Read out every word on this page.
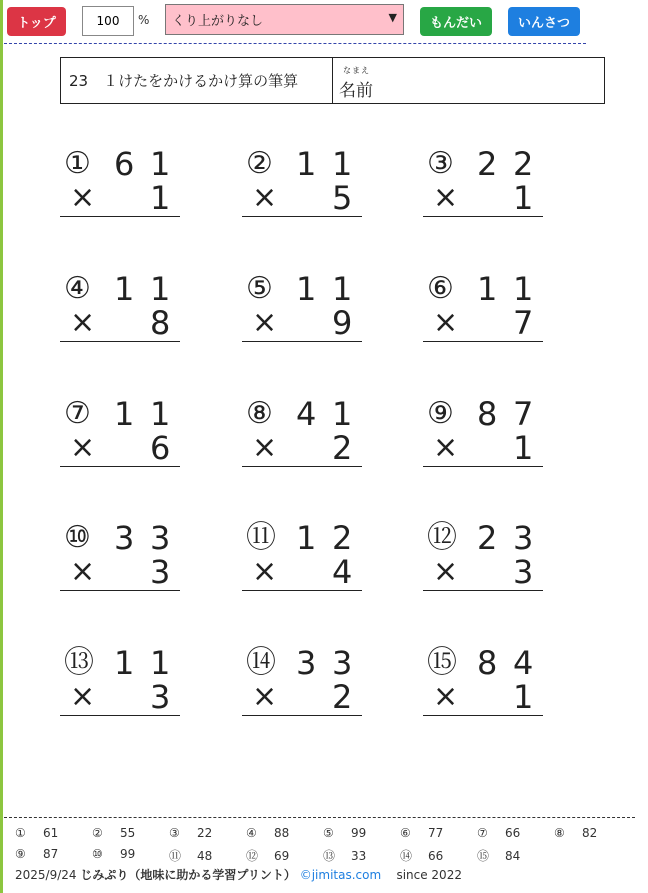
トップ
100	% くり上がりなし	▼	もんだい	いんさつ
23　１けたをかけるかけ算の筆算
なまえ
名前
① 6 1
× 1
② 1 1
× 5
③ 2 2
× 1
④ 1 1
× 8
⑤ 1 1
× 9
⑥ 1 1
× 7
⑦ 1 1
× 6
⑧ 4 1
× 2
⑨ 8 7
× 1
⑩ 3 3
× 3
⑪ 1 2
× 4
⑫ 2 3
× 3
⑬ 1 1
× 3
⑭ 3 3
× 2
⑮ 8 4
× 1
① 61	② 55	③ 22	④ 88	⑤ 99	⑥ 77	⑦ 66	⑧ 82
⑨ 87	⑩ 99	⑪ 48	⑫ 69	⑬ 33	⑭ 66	⑮ 84
2025/9/24 じみぷり（地味に助かる学習プリント） ©jimitas.com since 2022
